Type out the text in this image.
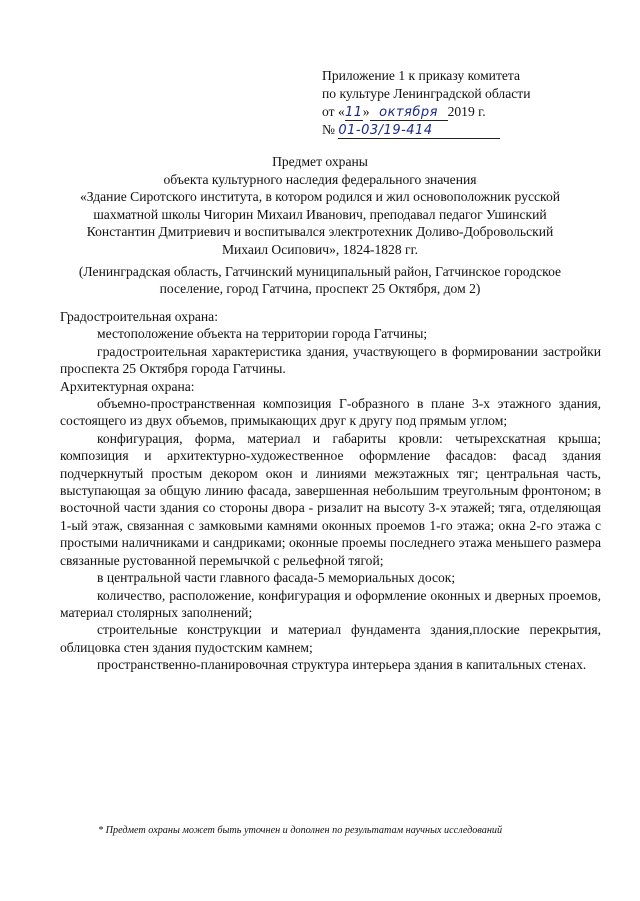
Приложение 1 к приказу комитета
по культуре Ленинградской области
от «11» октября 2019 г.
№ 01-03/19-414
Предмет охраны
объекта культурного наследия федерального значения
«Здание Сиротского института, в котором родился и жил основоположник русской
шахматной школы Чигорин Михаил Иванович, преподавал педагог Ушинский
Константин Дмитриевич и воспитывался электротехник Доливо-Добровольский
Михаил Осипович», 1824-1828 гг.
(Ленинградская область, Гатчинский муниципальный район, Гатчинское городское
поселение, город Гатчина, проспект 25 Октября, дом 2)

Градостроительная охрана:

местоположение объекта на территории города Гатчины;

градостроительная характеристика здания, участвующего в формировании застройки проспекта 25 Октября города Гатчины.

Архитектурная охрана:

объемно-пространственная композиция Г-образного в плане 3-х этажного здания, состоящего из двух объемов, примыкающих друг к другу под прямым углом;

конфигурация, форма, материал и габариты кровли: четырехскатная крыша; композиция и архитектурно-художественное оформление фасадов: фасад здания подчеркнутый простым декором окон и линиями межэтажных тяг; центральная часть, выступающая за общую линию фасада, завершенная небольшим треугольным фронтоном; в восточной части здания со стороны двора - ризалит на высоту 3-х этажей; тяга, отделяющая 1-ый этаж, связанная с замковыми камнями оконных проемов 1-го этажа; окна 2-го этажа с простыми наличниками и сандриками; оконные проемы последнего этажа меньшего размера связанные рустованной перемычкой с рельефной тягой;

в центральной части главного фасада-5 мемориальных досок;

количество, расположение, конфигурация и оформление оконных и дверных проемов, материал столярных заполнений;

строительные конструкции и материал фундамента здания,плоские перекрытия, облицовка стен здания пудостским камнем;

пространственно-планировочная структура интерьера здания в капитальных стенах.

* Предмет охраны может быть уточнен и дополнен по результатам научных исследований
